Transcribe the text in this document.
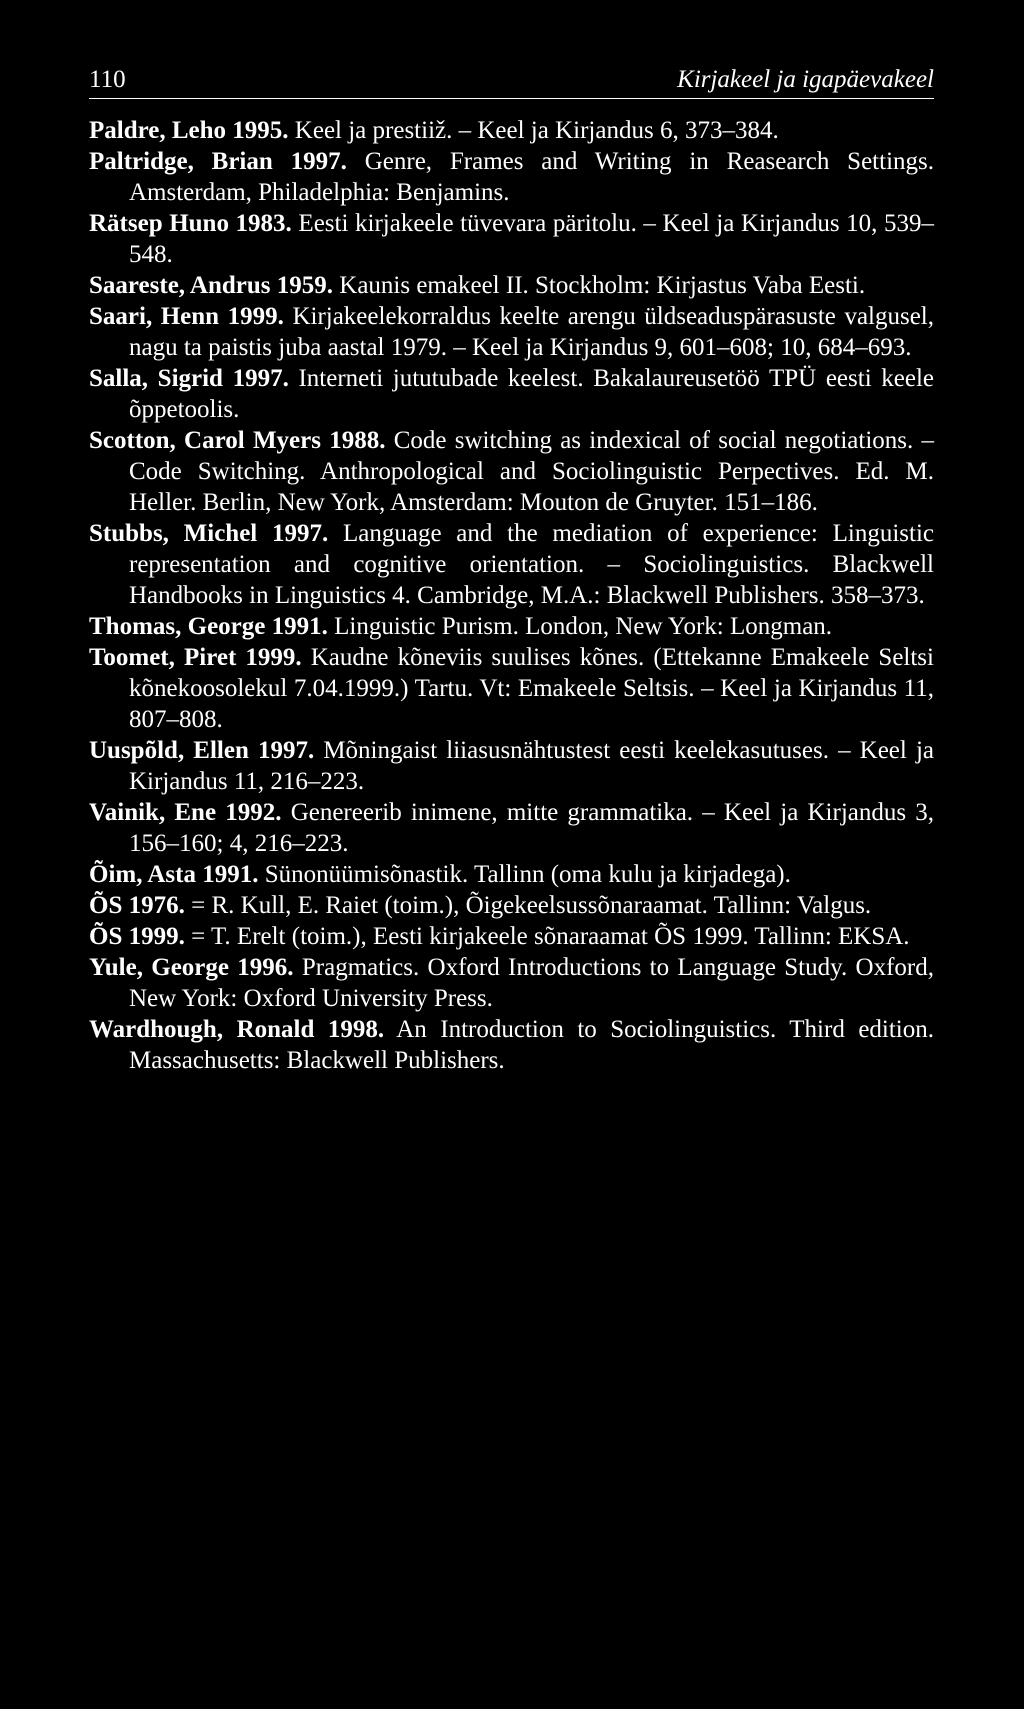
110	Kirjakeel ja igapäevakeel

Paldre, Leho 1995. Keel ja prestiiž. – Keel ja Kirjandus 6, 373–384.

Paltridge, Brian 1997. Genre, Frames and Writing in Reasearch Settings. Amsterdam, Philadelphia: Benjamins.

Rätsep Huno 1983. Eesti kirjakeele tüvevara päritolu. – Keel ja Kirjandus 10, 539–548.

Saareste, Andrus 1959. Kaunis emakeel II. Stockholm: Kirjastus Vaba Eesti.

Saari, Henn 1999. Kirjakeelekorraldus keelte arengu üldseaduspärasuste valgusel, nagu ta paistis juba aastal 1979. – Keel ja Kirjandus 9, 601–608; 10, 684–693.

Salla, Sigrid 1997. Interneti jututubade keelest. Bakalaureusetöö TPÜ eesti keele õppetoolis.

Scotton, Carol Myers 1988. Code switching as indexical of social negotiations. – Code Switching. Anthropological and Sociolinguistic Perpectives. Ed. M. Heller. Berlin, New York, Amsterdam: Mouton de Gruyter. 151–186.

Stubbs, Michel 1997. Language and the mediation of experience: Linguistic representation and cognitive orientation. – Sociolinguistics. Blackwell Handbooks in Linguistics 4. Cambridge, M.A.: Blackwell Publishers. 358–373.

Thomas, George 1991. Linguistic Purism. London, New York: Longman.

Toomet, Piret 1999. Kaudne kõneviis suulises kõnes. (Ettekanne Emakeele Seltsi kõnekoosolekul 7.04.1999.) Tartu. Vt: Emakeele Seltsis. – Keel ja Kirjandus 11, 807–808.

Uuspõld, Ellen 1997. Mõningaist liiasusnähtustest eesti keelekasutuses. – Keel ja Kirjandus 11, 216–223.

Vainik, Ene 1992. Genereerib inimene, mitte grammatika. – Keel ja Kirjandus 3, 156–160; 4, 216–223.

Õim, Asta 1991. Sünonüümisõnastik. Tallinn (oma kulu ja kirjadega).

ÕS 1976. = R. Kull, E. Raiet (toim.), Õigekeelsussõnaraamat. Tallinn: Valgus.

ÕS 1999. = T. Erelt (toim.), Eesti kirjakeele sõnaraamat ÕS 1999. Tallinn: EKSA.

Yule, George 1996. Pragmatics. Oxford Introductions to Language Study. Oxford, New York: Oxford University Press.

Wardhough, Ronald 1998. An Introduction to Sociolinguistics. Third edition. Massachusetts: Blackwell Publishers.
